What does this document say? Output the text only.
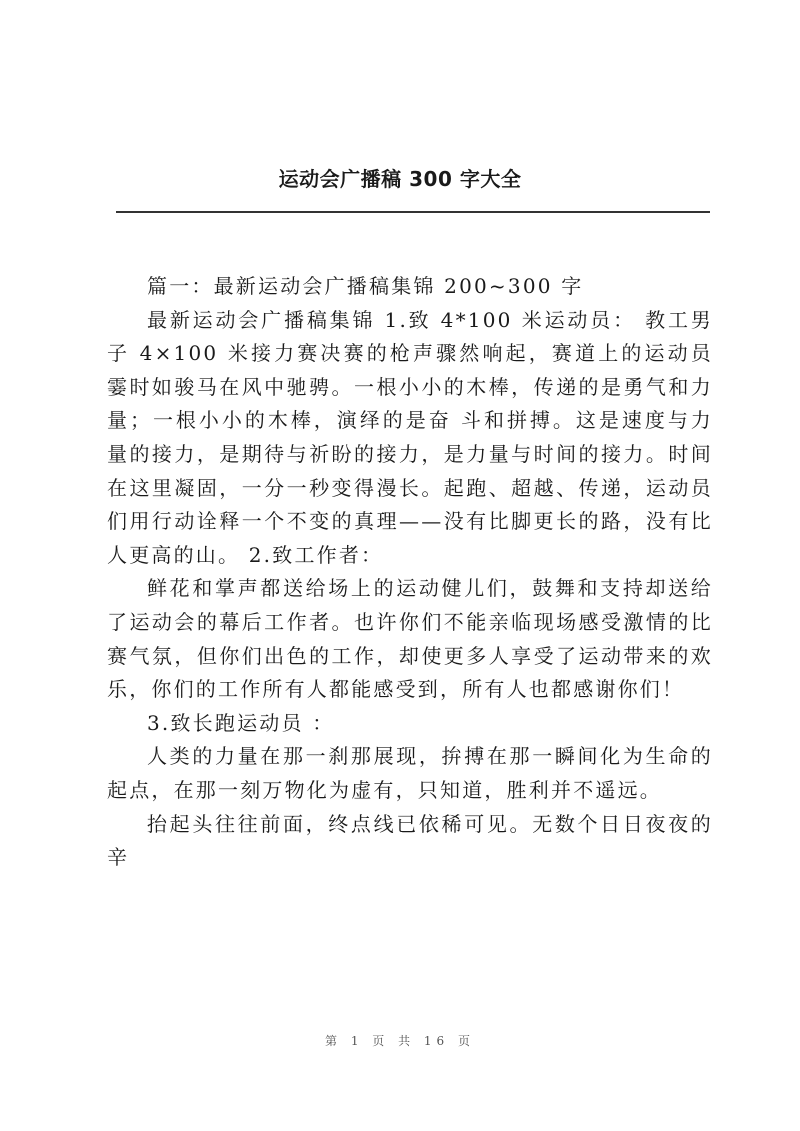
运动会广播稿 300 字大全

篇一：最新运动会广播稿集锦 200~300 字

最新运动会广播稿集锦 1.致 4*100 米运动员： 教工男子 4×100 米接力赛决赛的枪声骤然响起，赛道上的运动员霎时如骏马在风中驰骋。一根小小的木棒，传递的是勇气和力量；一根小小的木棒，演绎的是奋 斗和拼搏。这是速度与力量的接力，是期待与祈盼的接力，是力量与时间的接力。时间在这里凝固，一分一秒变得漫长。起跑、超越、传递，运动员们用行动诠释一个不变的真理——没有比脚更长的路，没有比人更高的山。 2.致工作者：

鲜花和掌声都送给场上的运动健儿们，鼓舞和支持却送给了运动会的幕后工作者。也许你们不能亲临现场感受激情的比赛气氛，但你们出色的工作，却使更多人享受了运动带来的欢乐，你们的工作所有人都能感受到，所有人也都感谢你们！

3.致长跑运动员 ：

人类的力量在那一刹那展现，拚搏在那一瞬间化为生命的起点，在那一刻万物化为虚有，只知道，胜利并不遥远。

抬起头往往前面，终点线已依稀可见。无数个日日夜夜的辛

第 1 页 共 16 页
